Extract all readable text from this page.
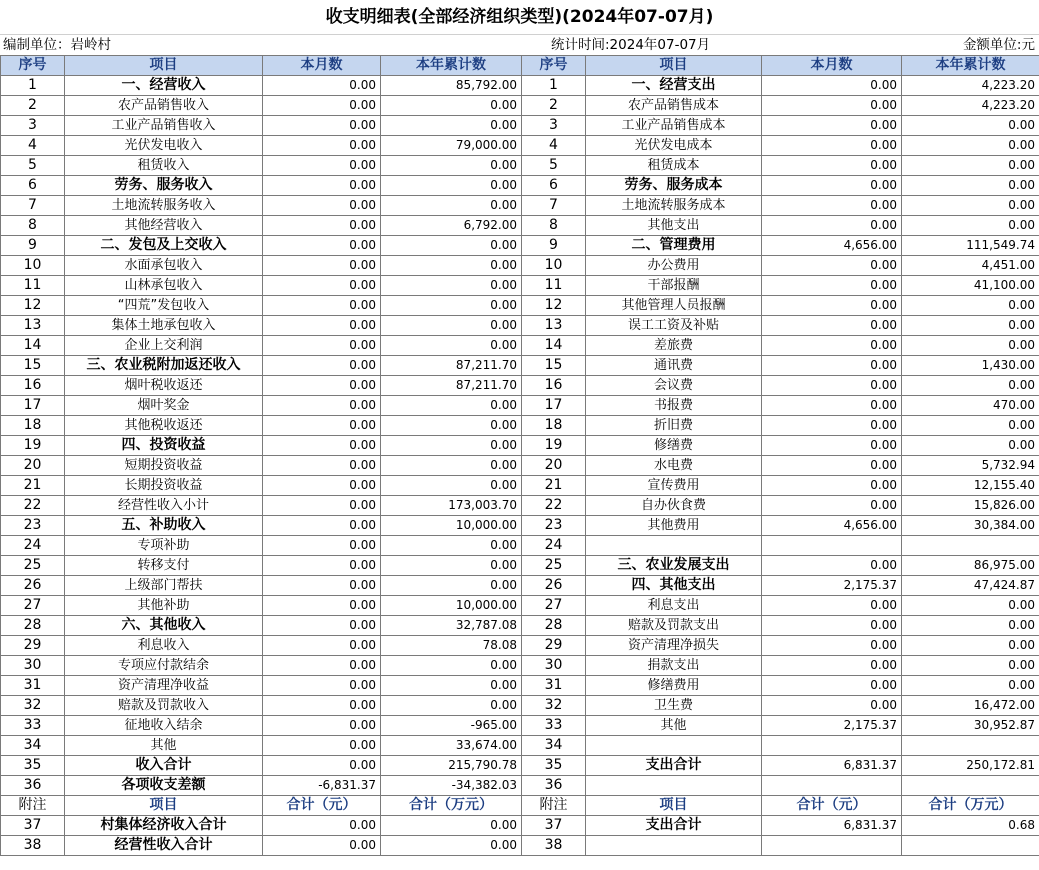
收支明细表(全部经济组织类型)(2024年07-07月)
编制单位：岩岭村	统计时间:2024年07-07月	金额单位:元
序号	项目	本月数	本年累计数	序号	项目	本月数	本年累计数
1	一、经营收入	0.00	85,792.00	1	一、经营支出	0.00	4,223.20
2	农产品销售收入	0.00	0.00	2	农产品销售成本	0.00	4,223.20
3	工业产品销售收入	0.00	0.00	3	工业产品销售成本	0.00	0.00
4	光伏发电收入	0.00	79,000.00	4	光伏发电成本	0.00	0.00
5	租赁收入	0.00	0.00	5	租赁成本	0.00	0.00
6	劳务、服务收入	0.00	0.00	6	劳务、服务成本	0.00	0.00
7	土地流转服务收入	0.00	0.00	7	土地流转服务成本	0.00	0.00
8	其他经营收入	0.00	6,792.00	8	其他支出	0.00	0.00
9	二、发包及上交收入	0.00	0.00	9	二、管理费用	4,656.00	111,549.74
10	水面承包收入	0.00	0.00	10	办公费用	0.00	4,451.00
11	山林承包收入	0.00	0.00	11	干部报酬	0.00	41,100.00
12	“四荒”发包收入	0.00	0.00	12	其他管理人员报酬	0.00	0.00
13	集体土地承包收入	0.00	0.00	13	误工工资及补贴	0.00	0.00
14	企业上交利润	0.00	0.00	14	差旅费	0.00	0.00
15	三、农业税附加返还收入	0.00	87,211.70	15	通讯费	0.00	1,430.00
16	烟叶税收返还	0.00	87,211.70	16	会议费	0.00	0.00
17	烟叶奖金	0.00	0.00	17	书报费	0.00	470.00
18	其他税收返还	0.00	0.00	18	折旧费	0.00	0.00
19	四、投资收益	0.00	0.00	19	修缮费	0.00	0.00
20	短期投资收益	0.00	0.00	20	水电费	0.00	5,732.94
21	长期投资收益	0.00	0.00	21	宣传费用	0.00	12,155.40
22	经营性收入小计	0.00	173,003.70	22	自办伙食费	0.00	15,826.00
23	五、补助收入	0.00	10,000.00	23	其他费用	4,656.00	30,384.00
24	专项补助	0.00	0.00	24			
25	转移支付	0.00	0.00	25	三、农业发展支出	0.00	86,975.00
26	上级部门帮扶	0.00	0.00	26	四、其他支出	2,175.37	47,424.87
27	其他补助	0.00	10,000.00	27	利息支出	0.00	0.00
28	六、其他收入	0.00	32,787.08	28	赔款及罚款支出	0.00	0.00
29	利息收入	0.00	78.08	29	资产清理净损失	0.00	0.00
30	专项应付款结余	0.00	0.00	30	捐款支出	0.00	0.00
31	资产清理净收益	0.00	0.00	31	修缮费用	0.00	0.00
32	赔款及罚款收入	0.00	0.00	32	卫生费	0.00	16,472.00
33	征地收入结余	0.00	-965.00	33	其他	2,175.37	30,952.87
34	其他	0.00	33,674.00	34			
35	收入合计	0.00	215,790.78	35	支出合计	6,831.37	250,172.81
36	各项收支差额	-6,831.37	-34,382.03	36			
附注	项目	合计（元）	合计（万元）	附注	项目	合计（元）	合计（万元）
37	村集体经济收入合计	0.00	0.00	37	支出合计	6,831.37	0.68
38	经营性收入合计	0.00	0.00	38			
